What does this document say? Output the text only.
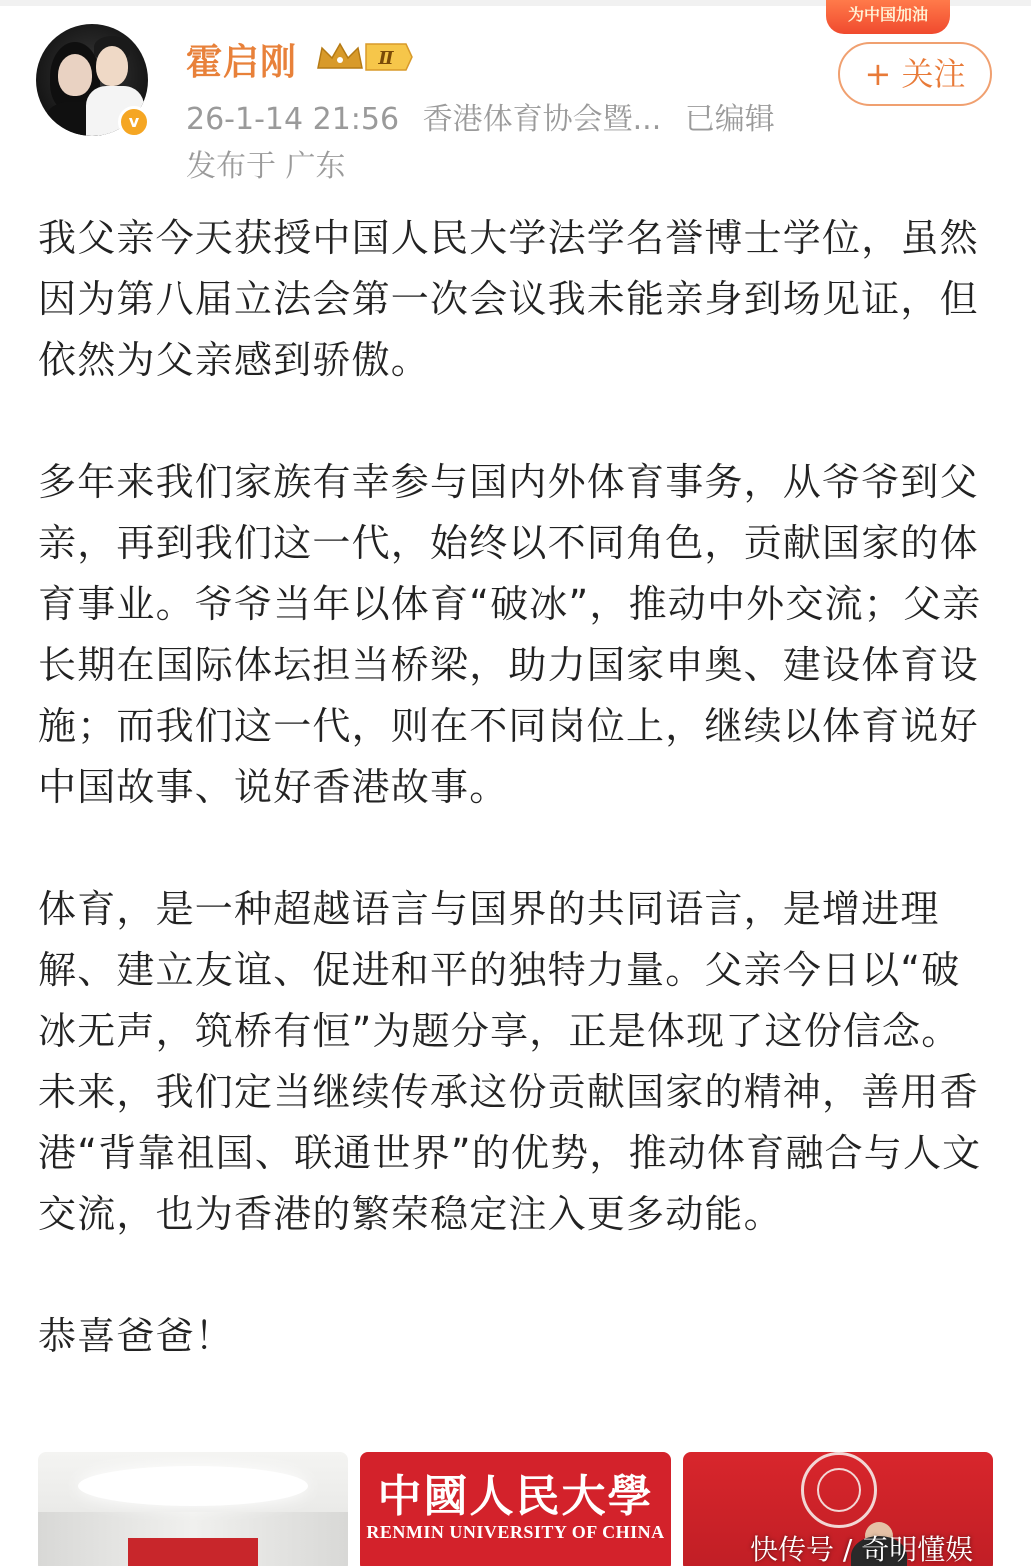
为中国加油
v
霍启刚	Ⅱ
26-1-14 21:56 香港体育协会暨... 已编辑
发布于 广东
+ 关注

我父亲今天获授中国人民大学法学名誉博士学位，虽然因为第八届立法会第一次会议我未能亲身到场见证，但依然为父亲感到骄傲。

多年来我们家族有幸参与国内外体育事务，从爷爷到父亲，再到我们这一代，始终以不同角色，贡献国家的体育事业。爷爷当年以体育“破冰”，推动中外交流；父亲长期在国际体坛担当桥梁，助力国家申奥、建设体育设施；而我们这一代，则在不同岗位上，继续以体育说好中国故事、说好香港故事。

体育，是一种超越语言与国界的共同语言，是增进理解、建立友谊、促进和平的独特力量。父亲今日以“破冰无声，筑桥有恒”为题分享，正是体现了这份信念。未来，我们定当继续传承这份贡献国家的精神，善用香港“背靠祖国、联通世界”的优势，推动体育融合与人文交流，也为香港的繁荣稳定注入更多动能。

恭喜爸爸！

中國人民大學
RENMIN UNIVERSITY OF CHINA
快传号 / 奇明懂娱
